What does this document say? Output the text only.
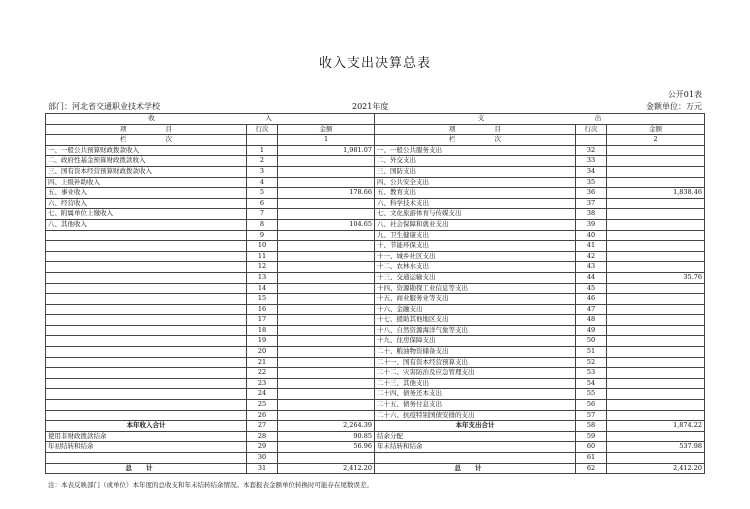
收入支出决算总表
公开01表
部门：河北省交通职业技术学校	2021年度	金额单位：万元
收　　　　　　　　　　　　　　　　　入			支　　　　　　　　　　　　　　　　　出		
项　　　　　　目	行次	金额	项　　　　　　目	行次	金额
栏　　　　　　次		1	栏　　　　　　次		2
一、一般公共预算财政拨款收入	1	1,981.07	一、一般公共服务支出	32	
二、政府性基金预算财政拨款收入	2		二、外交支出	33	
三、国有资本经营预算财政拨款收入	3		三、国防支出	34	
四、上级补助收入	4		四、公共安全支出	35	
五、事业收入	5	178.66	五、教育支出	36	1,838.46
六、经营收入	6		六、科学技术支出	37	
七、附属单位上缴收入	7		七、文化旅游体育与传媒支出	38	
八、其他收入	8	104.65	八、社会保障和就业支出	39	
	9		九、卫生健康支出	40	
	10		十、节能环保支出	41	
	11		十一、城乡社区支出	42	
	12		十二、农林水支出	43	
	13		十三、交通运输支出	44	35.76
	14		十四、资源勘探工业信息等支出	45	
	15		十五、商业服务业等支出	46	
	16		十六、金融支出	47	
	17		十七、援助其他地区支出	48	
	18		十八、自然资源海洋气象等支出	49	
	19		十九、住房保障支出	50	
	20		二十、粮油物资储备支出	51	
	21		二十一、国有资本经营预算支出	52	
	22		二十二、灾害防治及应急管理支出	53	
	23		二十三、其他支出	54	
	24		二十四、债务还本支出	55	
	25		二十五、债务付息支出	56	
	26		二十六、抗疫特别国债安排的支出	57	
本年收入合计	27	2,264.39	本年支出合计	58	1,874.22
使用非财政拨款结余	28	90.85	结余分配	59	
年初结转和结余	29	56.96	年末结转和结余	60	537.98
	30			61	
总计	31	2,412.20	总计	62	2,412.20
注：本表反映部门（或单位）本年度的总收支和年末结转结余情况。本套报表金额单位转换时可能存在尾数误差。
